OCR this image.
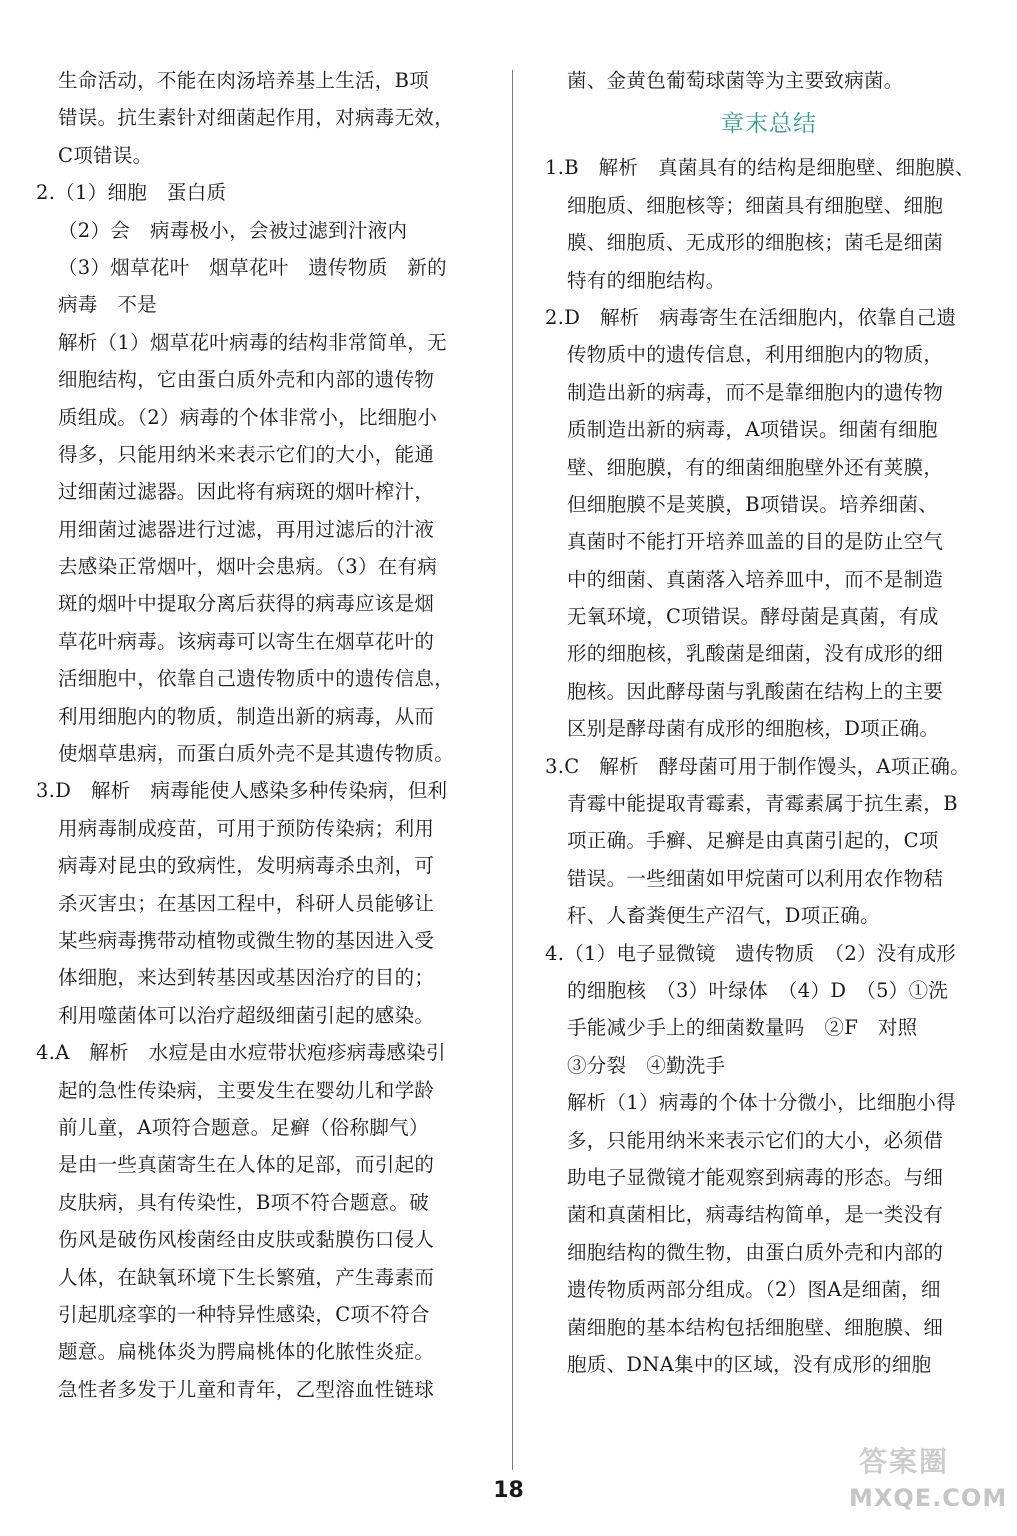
生命活动，不能在肉汤培养基上生活，B项
错误。抗生素针对细菌起作用，对病毒无效，
C项错误。
2.（1）细胞　蛋白质
（2）会　病毒极小，会被过滤到汁液内
（3）烟草花叶　烟草花叶　遗传物质　新的
病毒　不是
解析（1）烟草花叶病毒的结构非常简单，无
细胞结构，它由蛋白质外壳和内部的遗传物
质组成。（2）病毒的个体非常小，比细胞小
得多，只能用纳米来表示它们的大小，能通
过细菌过滤器。因此将有病斑的烟叶榨汁，
用细菌过滤器进行过滤，再用过滤后的汁液
去感染正常烟叶，烟叶会患病。（3）在有病
斑的烟叶中提取分离后获得的病毒应该是烟
草花叶病毒。该病毒可以寄生在烟草花叶的
活细胞中，依靠自己遗传物质中的遗传信息，
利用细胞内的物质，制造出新的病毒，从而
使烟草患病，而蛋白质外壳不是其遗传物质。
3.D　解析　病毒能使人感染多种传染病，但利
用病毒制成疫苗，可用于预防传染病；利用
病毒对昆虫的致病性，发明病毒杀虫剂，可
杀灭害虫；在基因工程中，科研人员能够让
某些病毒携带动植物或微生物的基因进入受
体细胞，来达到转基因或基因治疗的目的；
利用噬菌体可以治疗超级细菌引起的感染。
4.A　解析　水痘是由水痘带状疱疹病毒感染引
起的急性传染病，主要发生在婴幼儿和学龄
前儿童，A项符合题意。足癣（俗称脚气）
是由一些真菌寄生在人体的足部，而引起的
皮肤病，具有传染性，B项不符合题意。破
伤风是破伤风梭菌经由皮肤或黏膜伤口侵人
人体，在缺氧环境下生长繁殖，产生毒素而
引起肌痉挛的一种特异性感染，C项不符合
题意。扁桃体炎为腭扁桃体的化脓性炎症。
急性者多发于儿童和青年，乙型溶血性链球
菌、金黄色葡萄球菌等为主要致病菌。
章末总结
1.B　解析　真菌具有的结构是细胞壁、细胞膜、
细胞质、细胞核等；细菌具有细胞壁、细胞
膜、细胞质、无成形的细胞核；菌毛是细菌
特有的细胞结构。
2.D　解析　病毒寄生在活细胞内，依靠自己遗
传物质中的遗传信息，利用细胞内的物质，
制造出新的病毒，而不是靠细胞内的遗传物
质制造出新的病毒，A项错误。细菌有细胞
壁、细胞膜，有的细菌细胞壁外还有荚膜，
但细胞膜不是荚膜，B项错误。培养细菌、
真菌时不能打开培养皿盖的目的是防止空气
中的细菌、真菌落入培养皿中，而不是制造
无氧环境，C项错误。酵母菌是真菌，有成
形的细胞核，乳酸菌是细菌，没有成形的细
胞核。因此酵母菌与乳酸菌在结构上的主要
区别是酵母菌有成形的细胞核，D项正确。
3.C　解析　酵母菌可用于制作馒头，A项正确。
青霉中能提取青霉素，青霉素属于抗生素，B
项正确。手癣、足癣是由真菌引起的，C项
错误。一些细菌如甲烷菌可以利用农作物秸
秆、人畜粪便生产沼气，D项正确。
4.（1）电子显微镜　遗传物质　（2）没有成形
的细胞核　（3）叶绿体　（4）D　（5）①洗
手能减少手上的细菌数量吗　②F　对照
③分裂　④勤洗手
解析（1）病毒的个体十分微小，比细胞小得
多，只能用纳米来表示它们的大小，必须借
助电子显微镜才能观察到病毒的形态。与细
菌和真菌相比，病毒结构简单，是一类没有
细胞结构的微生物，由蛋白质外壳和内部的
遗传物质两部分组成。（2）图A是细菌，细
菌细胞的基本结构包括细胞壁、细胞膜、细
胞质、DNA集中的区域，没有成形的细胞
18
答案圈
MXQE.COM
